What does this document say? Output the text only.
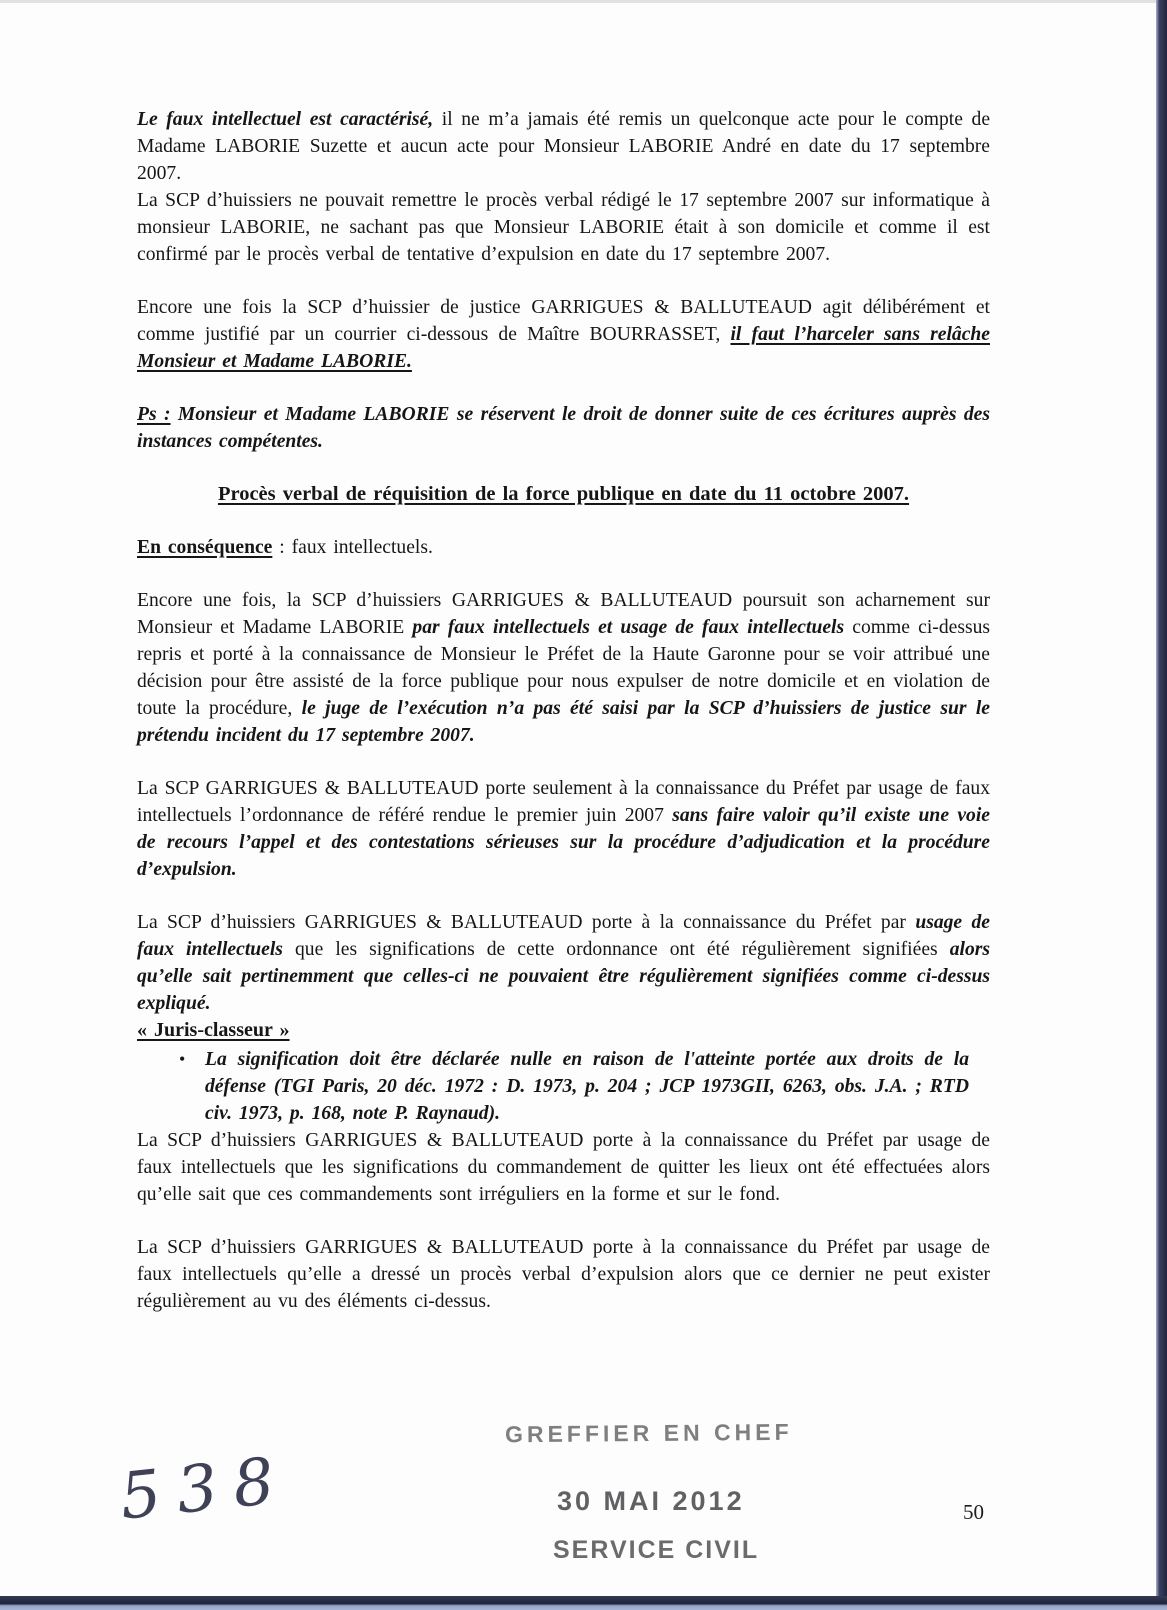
Le faux intellectuel est caractérisé, il ne m’a jamais été remis un quelconque acte pour le compte de Madame LABORIE Suzette et aucun acte pour Monsieur LABORIE André en date du 17 septembre 2007.

La SCP d’huissiers ne pouvait remettre le procès verbal rédigé le 17 septembre 2007 sur informatique à monsieur LABORIE, ne sachant pas que Monsieur LABORIE était à son domicile et comme il est confirmé par le procès verbal de tentative d’expulsion en date du 17 septembre 2007.

Encore une fois la SCP d’huissier de justice GARRIGUES & BALLUTEAUD agit délibérément et comme justifié par un courrier ci-dessous de Maître BOURRASSET, il faut l’harceler sans relâche Monsieur et Madame LABORIE.

Ps : Monsieur et Madame LABORIE se réservent le droit de donner suite de ces écritures auprès des instances compétentes.

Procès verbal de réquisition de la force publique en date du 11 octobre 2007.

En conséquence : faux intellectuels.

Encore une fois, la SCP d’huissiers GARRIGUES & BALLUTEAUD poursuit son acharnement sur Monsieur et Madame LABORIE par faux intellectuels et usage de faux intellectuels comme ci-dessus repris et porté à la connaissance de Monsieur le Préfet de la Haute Garonne pour se voir attribué une décision pour être assisté de la force publique pour nous expulser de notre domicile et en violation de toute la procédure, le juge de l’exécution n’a pas été saisi par la SCP d’huissiers de justice sur le prétendu incident du 17 septembre 2007.

La SCP GARRIGUES & BALLUTEAUD porte seulement à la connaissance du Préfet par usage de faux intellectuels l’ordonnance de référé rendue le premier juin 2007 sans faire valoir qu’il existe une voie de recours l’appel et des contestations sérieuses sur la procédure d’adjudication et la procédure d’expulsion.

La SCP d’huissiers GARRIGUES & BALLUTEAUD porte à la connaissance du Préfet par usage de faux intellectuels que les significations de cette ordonnance ont été régulièrement signifiées alors qu’elle sait pertinemment que celles-ci ne pouvaient être régulièrement signifiées comme ci-dessus expliqué.

« Juris-classeur »

•	La signification doit être déclarée nulle en raison de l'atteinte portée aux droits de la défense (TGI Paris, 20 déc. 1972 : D. 1973, p. 204 ; JCP 1973GII, 6263, obs. J.A. ; RTD civ. 1973, p. 168, note P. Raynaud).

La SCP d’huissiers GARRIGUES & BALLUTEAUD porte à la connaissance du Préfet par usage de faux intellectuels que les significations du commandement de quitter les lieux ont été effectuées alors qu’elle sait que ces commandements sont irréguliers en la forme et sur le fond.

La SCP d’huissiers GARRIGUES & BALLUTEAUD porte à la connaissance du Préfet par usage de faux intellectuels qu’elle a dressé un procès verbal d’expulsion alors que ce dernier ne peut exister régulièrement au vu des éléments ci-dessus.

GREFFIER EN CHEF
30 MAI 2012
SERVICE CIVIL
538	50
